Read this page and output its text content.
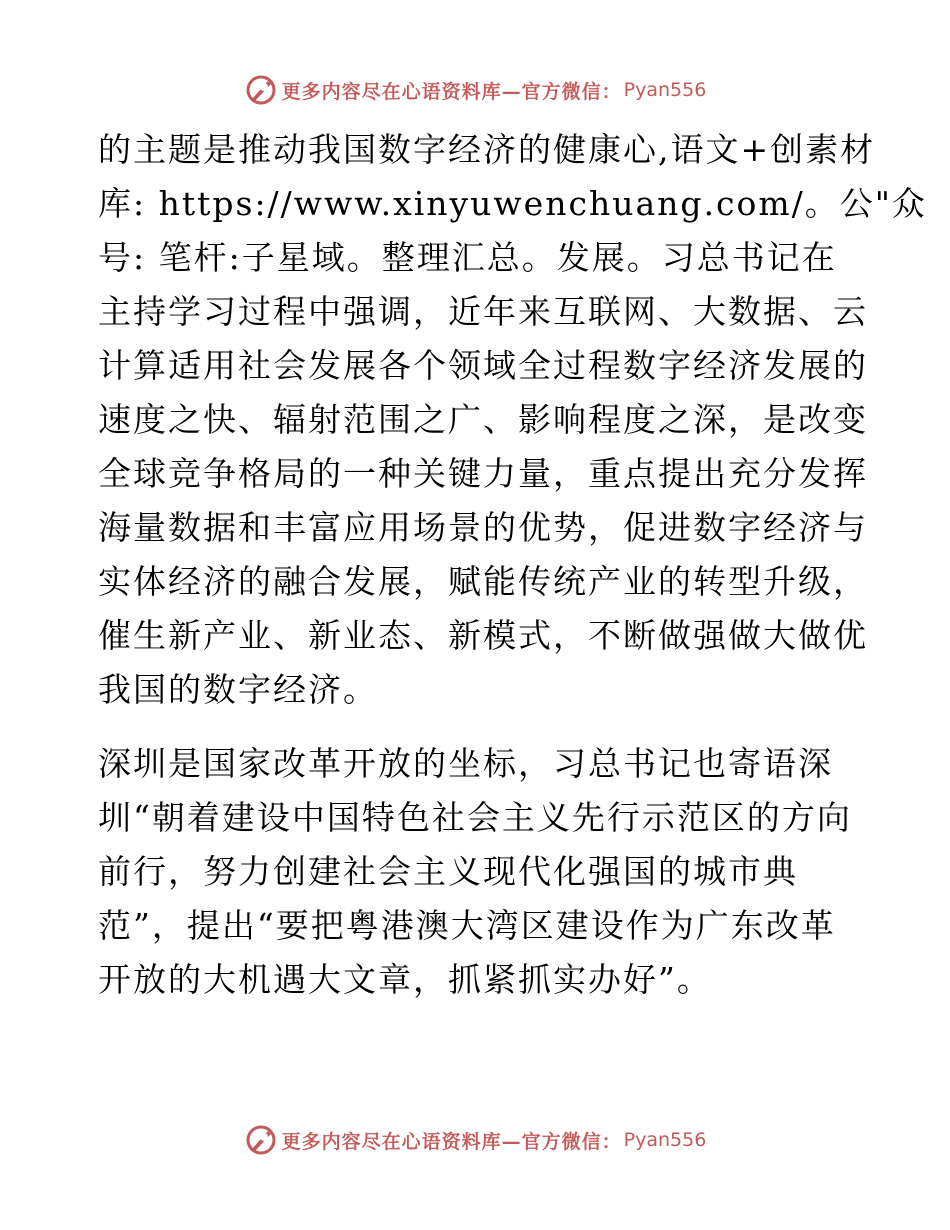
更多内容尽在心语资料库—官方微信： Pyan556
的主题是推动我国数字经济的健康心,语文+创素材
库: https://www.xinyuwenchuang.com/。公"众
号: 笔杆:子星域。整理汇总。发展。习总书记在
主持学习过程中强调，近年来互联网、大数据、云
计算适用社会发展各个领域全过程数字经济发展的
速度之快、辐射范围之广、影响程度之深，是改变
全球竞争格局的一种关键力量，重点提出充分发挥
海量数据和丰富应用场景的优势，促进数字经济与
实体经济的融合发展，赋能传统产业的转型升级，
催生新产业、新业态、新模式，不断做强做大做优
我国的数字经济。
深圳是国家改革开放的坐标，习总书记也寄语深
圳“朝着建设中国特色社会主义先行示范区的方向
前行，努力创建社会主义现代化强国的城市典
范”，提出“要把粤港澳大湾区建设作为广东改革
开放的大机遇大文章，抓紧抓实办好”。
更多内容尽在心语资料库—官方微信： Pyan556
